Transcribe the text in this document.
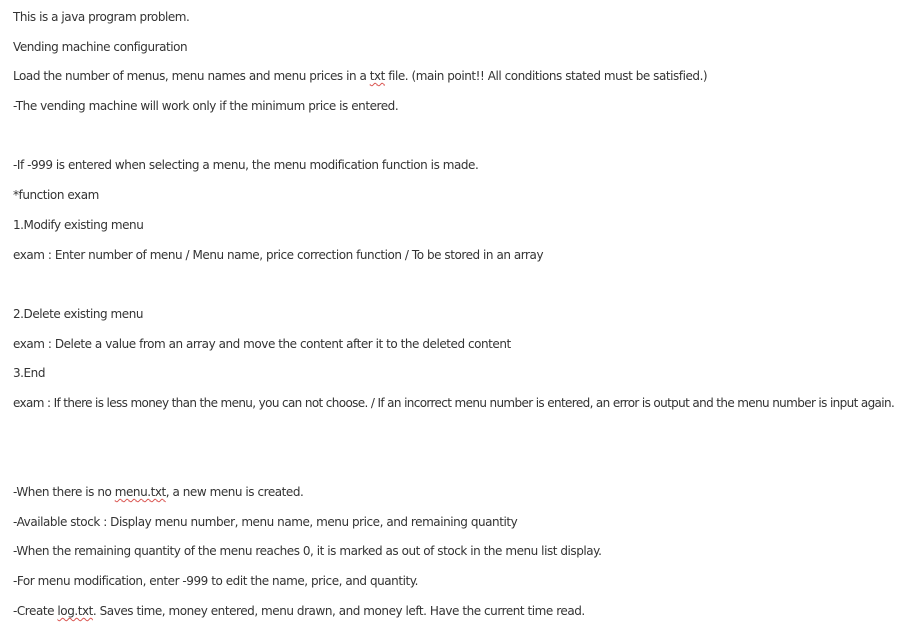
This is a java program problem.
Vending machine configuration
Load the number of menus, menu names and menu prices in a txt file. (main point!! All conditions stated must be satisfied.)
-The vending machine will work only if the minimum price is entered.
-If -999 is entered when selecting a menu, the menu modification function is made.
*function exam
1.Modify existing menu
exam : Enter number of menu / Menu name, price correction function / To be stored in an array
2.Delete existing menu
exam : Delete a value from an array and move the content after it to the deleted content
3.End
exam : If there is less money than the menu, you can not choose. / If an incorrect menu number is entered, an error is output and the menu number is input again.
-When there is no menu.txt, a new menu is created.
-Available stock : Display menu number, menu name, menu price, and remaining quantity
-When the remaining quantity of the menu reaches 0, it is marked as out of stock in the menu list display.
-For menu modification, enter -999 to edit the name, price, and quantity.
-Create log.txt. Saves time, money entered, menu drawn, and money left. Have the current time read.
